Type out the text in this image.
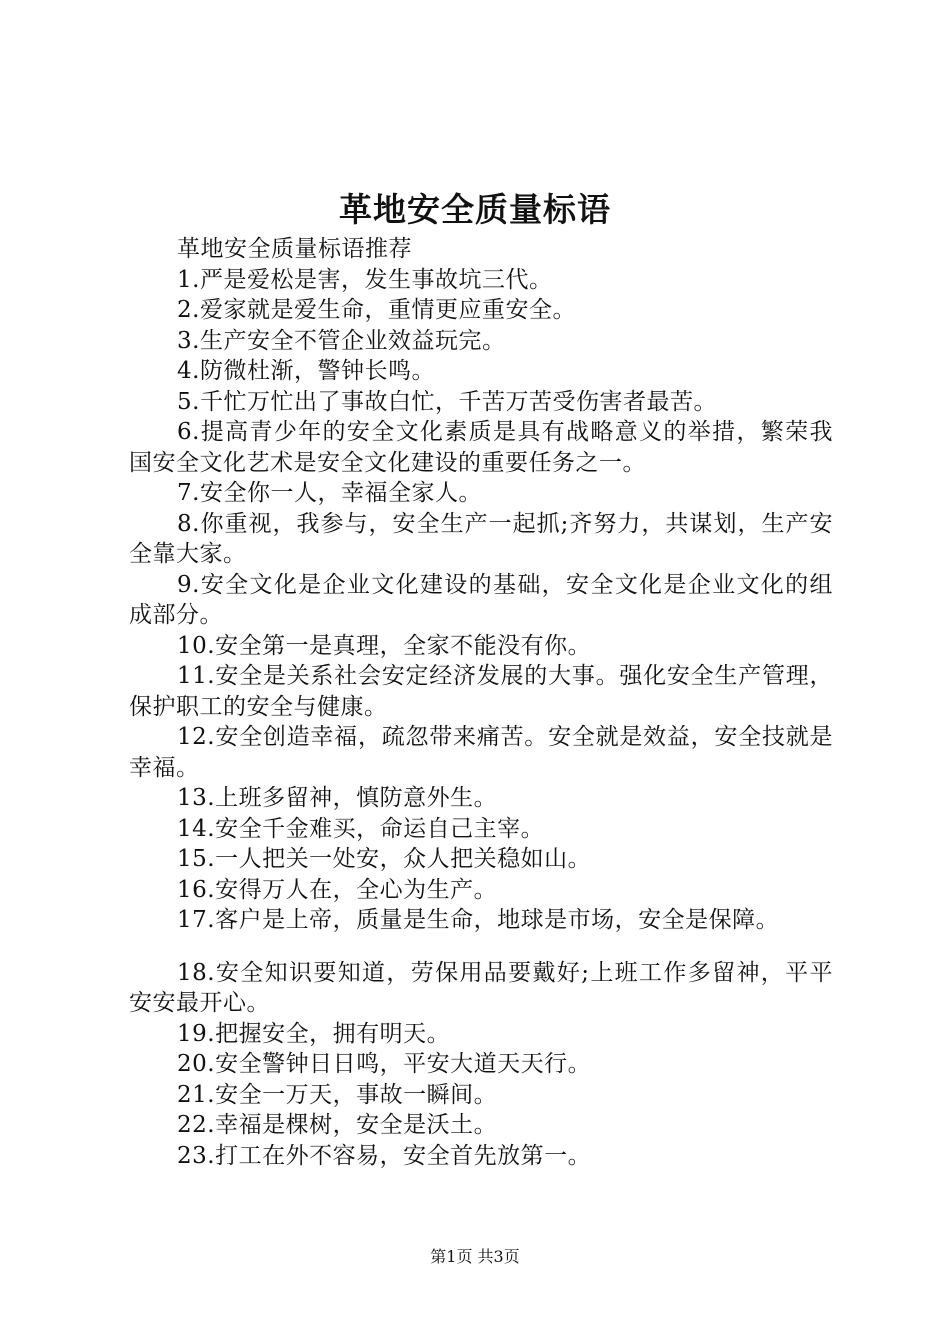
革地安全质量标语

革地安全质量标语推荐

1.严是爱松是害，发生事故坑三代。

2.爱家就是爱生命，重情更应重安全。

3.生产安全不管企业效益玩完。

4.防微杜渐，警钟长鸣。

5.千忙万忙出了事故白忙，千苦万苦受伤害者最苦。

6.提高青少年的安全文化素质是具有战略意义的举措，繁荣我国安全文化艺术是安全文化建设的重要任务之一。

7.安全你一人，幸福全家人。

8.你重视，我参与，安全生产一起抓;齐努力，共谋划，生产安全靠大家。

9.安全文化是企业文化建设的基础，安全文化是企业文化的组成部分。

10.安全第一是真理，全家不能没有你。

11.安全是关系社会安定经济发展的大事。强化安全生产管理，保护职工的安全与健康。

12.安全创造幸福，疏忽带来痛苦。安全就是效益，安全技就是幸福。

13.上班多留神，慎防意外生。

14.安全千金难买，命运自己主宰。

15.一人把关一处安，众人把关稳如山。

16.安得万人在，全心为生产。

17.客户是上帝，质量是生命，地球是市场，安全是保障。

18.安全知识要知道，劳保用品要戴好;上班工作多留神，平平安安最开心。

19.把握安全，拥有明天。

20.安全警钟日日鸣，平安大道天天行。

21.安全一万天，事故一瞬间。

22.幸福是棵树，安全是沃土。

23.打工在外不容易，安全首先放第一。

第1页 共3页
